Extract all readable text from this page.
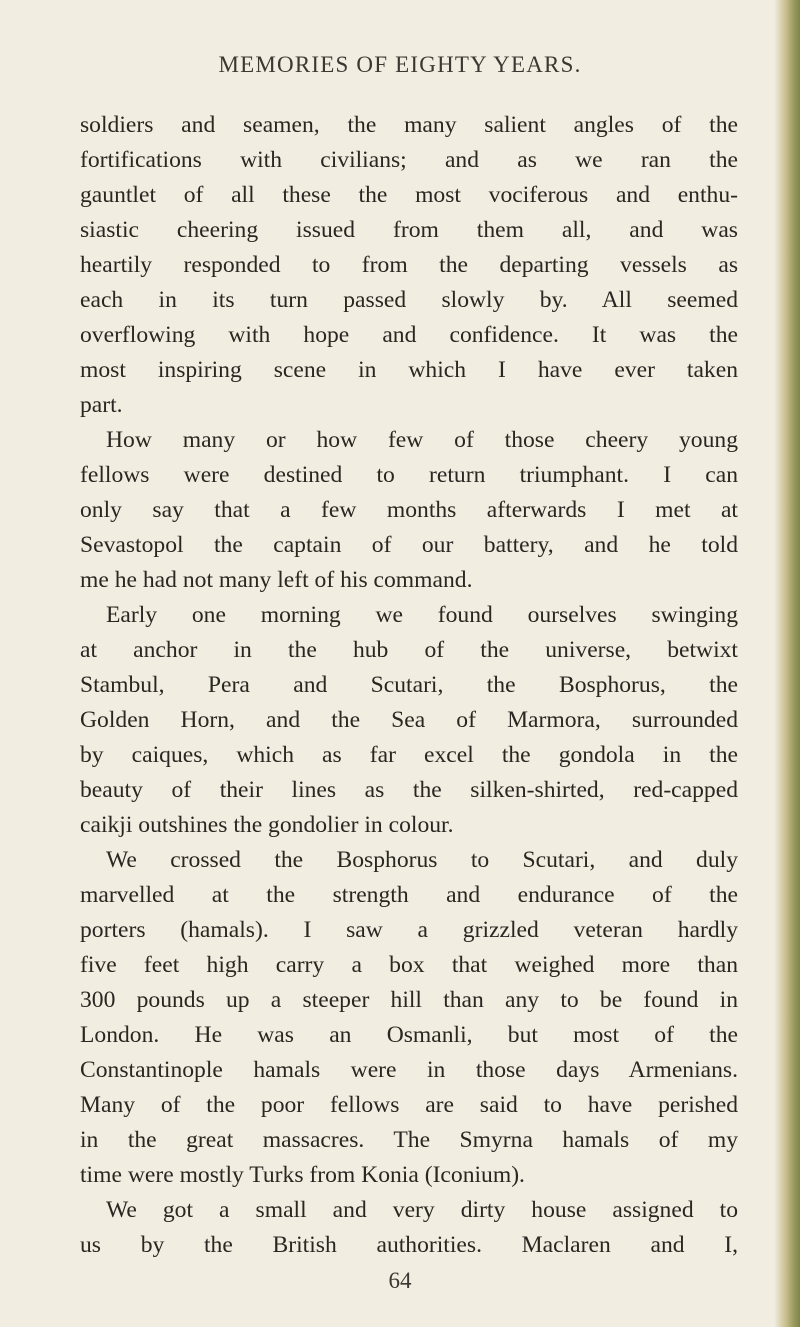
MEMORIES OF EIGHTY YEARS.
soldiers and seamen, the many salient angles of the
fortifications with civilians; and as we ran the
gauntlet of all these the most vociferous and enthu-
siastic cheering issued from them all, and was
heartily responded to from the departing vessels as
each in its turn passed slowly by. All seemed
overflowing with hope and confidence. It was the
most inspiring scene in which I have ever taken
part.
How many or how few of those cheery young
fellows were destined to return triumphant. I can
only say that a few months afterwards I met at
Sevastopol the captain of our battery, and he told
me he had not many left of his command.
Early one morning we found ourselves swinging
at anchor in the hub of the universe, betwixt
Stambul, Pera and Scutari, the Bosphorus, the
Golden Horn, and the Sea of Marmora, surrounded
by caiques, which as far excel the gondola in the
beauty of their lines as the silken-shirted, red-capped
caikji outshines the gondolier in colour.
We crossed the Bosphorus to Scutari, and duly
marvelled at the strength and endurance of the
porters (hamals). I saw a grizzled veteran hardly
five feet high carry a box that weighed more than
300 pounds up a steeper hill than any to be found in
London. He was an Osmanli, but most of the
Constantinople hamals were in those days Armenians.
Many of the poor fellows are said to have perished
in the great massacres. The Smyrna hamals of my
time were mostly Turks from Konia (Iconium).
We got a small and very dirty house assigned to
us by the British authorities. Maclaren and I,
64
